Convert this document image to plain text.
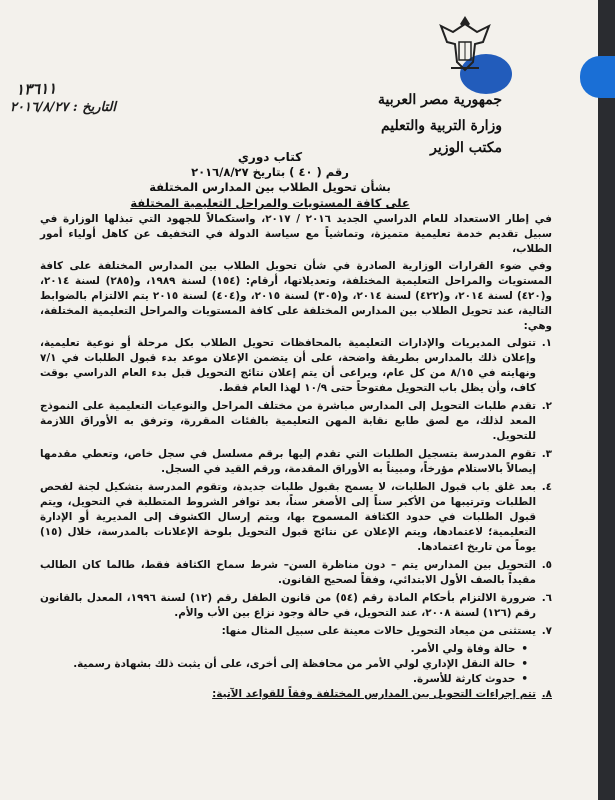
١٣٦١١
التاريخ : ٢٠١٦/٨/٢٧	جمهورية مصر العربية
وزارة التربية والتعليم
مكتب الوزير
كتاب دوري
رقم ( ٤٠ ) بتاريخ ٢٠١٦/٨/٢٧
بشأن تحويل الطلاب بين المدارس المختلفة
على كافة المستويات والمراحل التعليمية المختلفة

في إطار الاستعداد للعام الدراسي الجديد ٢٠١٦ / ٢٠١٧، واستكمالاً للجهود التي تبذلها الوزارة في سبيل تقديم خدمة تعليمية متميزة، وتماشياً مع سياسة الدولة في التخفيف عن كاهل أولياء أمور الطلاب،

وفي ضوء القرارات الوزارية الصادرة في شأن تحويل الطلاب بين المدارس المختلفة على كافة المستويات والمراحل التعليمية المختلفة، وتعديلاتها، أرقام: (١٥٤) لسنة ١٩٨٩، و(٢٨٥) لسنة ٢٠١٤، و(٤٢٠) لسنة ٢٠١٤، و(٤٢٢) لسنة ٢٠١٤، و(٣٠٥) لسنة ٢٠١٥، و(٤٠٤) لسنة ٢٠١٥ يتم الالتزام بالضوابط التالية، عند تحويل الطلاب بين المدارس المختلفة على كافة المستويات والمراحل التعليمية المختلفة، وهي:

١.
تتولى المديريات والإدارات التعليمية بالمحافظات تحويل الطلاب بكل مرحلة أو نوعية تعليمية، وإعلان ذلك بالمدارس بطريقة واضحة، على أن يتضمن الإعلان موعد بدء قبول الطلبات في ٧/١ ونهايته في ٨/١٥ من كل عام، ويراعى أن يتم إعلان نتائج التحويل قبل بدء العام الدراسي بوقت كاف، وأن يظل باب التحويل مفتوحاً حتى ١٠/٩ لهذا العام فقط.
٢.
تقدم طلبات التحويل إلى المدارس مباشرة من مختلف المراحل والنوعيات التعليمية على النموذج المعد لذلك، مع لصق طابع نقابة المهن التعليمية بالفئات المقررة، وترفق به الأوراق اللازمة للتحويل.
٣.
تقوم المدرسة بتسجيل الطلبات التي تقدم إليها برقم مسلسل في سجل خاص، وتعطي مقدمها إيصالاً بالاستلام مؤرخاً، ومبيناً به الأوراق المقدمة، ورقم القيد في السجل.
٤.
بعد غلق باب قبول الطلبات، لا يسمح بقبول طلبات جديدة، وتقوم المدرسة بتشكيل لجنة لفحص الطلبات وترتيبها من الأكبر سناً إلى الأصغر سناً، بعد توافر الشروط المتطلبة في التحويل، ويتم قبول الطلبات في حدود الكثافة المسموح بها، ويتم إرسال الكشوف إلى المديرية أو الإدارة التعليمية؛ لاعتمادها، ويتم الإعلان عن نتائج قبول التحويل بلوحة الإعلانات بالمدرسة، خلال (١٥) يوماً من تاريخ اعتمادها.
٥.
التحويل بين المدارس يتم – دون مناظرة السن– شرط سماح الكثافة فقط، طالما كان الطالب مقيداً بالصف الأول الابتدائي، وفقاً لصحيح القانون.
٦.
ضرورة الالتزام بأحكام المادة رقم (٥٤) من قانون الطفل رقم (١٢) لسنة ١٩٩٦، المعدل بالقانون رقم (١٢٦) لسنة ٢٠٠٨، عند التحويل، في حالة وجود نزاع بين الأب والأم.
٧.
يستثنى من ميعاد التحويل حالات معينة على سبيل المثال منها:
• حالة وفاة ولي الأمر.
• حالة النقل الإداري لولي الأمر من محافظة إلى أخرى، على أن يثبت ذلك بشهادة رسمية.
• حدوث كارثة للأسرة.
٨.
تتم إجراءات التحويل بين المدارس المختلفة وفقاً للقواعد الآتية:
